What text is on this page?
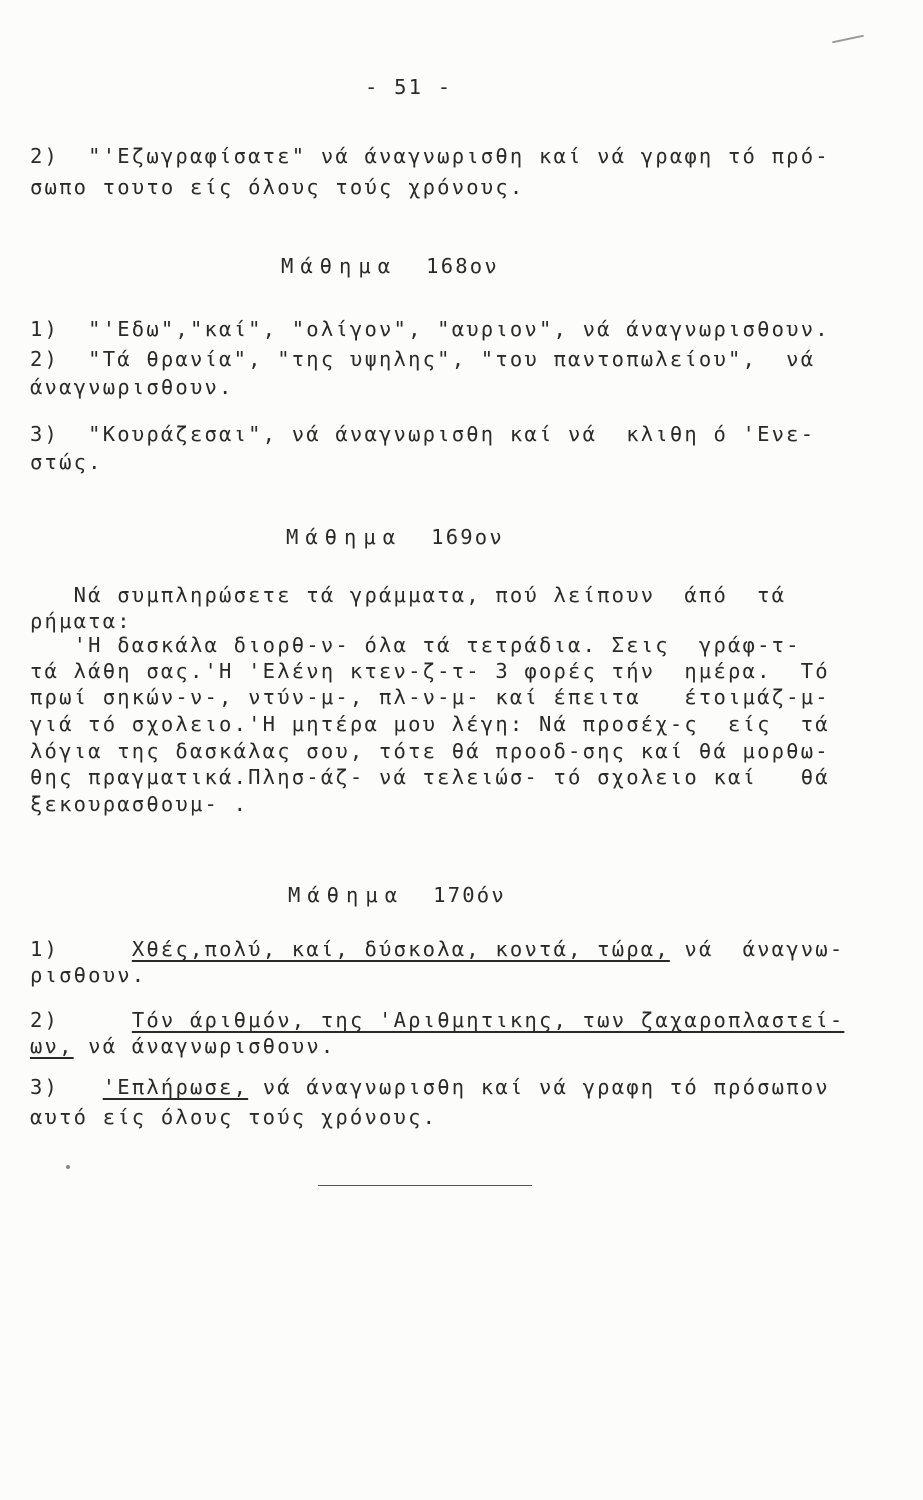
- 51 -
2)  "'Εζωγραφίσατε" νά άναγνωρισθη καί νά γραφη τό πρό-
σωπο τουτο είς όλους τούς χρόνους.
Μάθημα 168ον
1)  "'Εδω","καί", "ολίγον", "αυριον", νά άναγνωρισθουν.
2)  "Τά θρανία", "της υψηλης", "του παντοπωλείου",  νά
άναγνωρισθουν.
3)  "Κουράζεσαι", νά άναγνωρισθη καί νά  κλιθη ό 'Ενε-
στώς.
Μάθημα 169ον
Νά συμπληρώσετε τά γράμματα, πού λείπουν  άπό  τά
ρήματα:
'Η δασκάλα διορθ-ν- όλα τά τετράδια. Σεις  γράφ-τ-
τά λάθη σας.'Η 'Ελένη κτεν-ζ-τ- 3 φορές τήν  ημέρα.  Τό
πρωί σηκών-ν-, ντύν-μ-, πλ-ν-μ- καί έπειτα   έτοιμάζ-μ-
γιά τό σχολειο.'Η μητέρα μου λέγη: Νά προσέχ-ς  είς  τά
λόγια της δασκάλας σου, τότε θά προοδ-σης καί θά μορθω-
θης πραγματικά.Πλησ-άζ- νά τελειώσ- τό σχολειο καί   θά
ξεκουρασθουμ- .
Μάθημα 170όν
1)	Χθές,πολύ, καί, δύσκολα, κοντά, τώρα, νά  άναγνω-
ρισθουν.
2)	Τόν άριθμόν, της 'Αριθμητικης, των ζαχαροπλαστεί-
ων, νά άναγνωρισθουν.
3) 'Επλήρωσε, νά άναγνωρισθη καί νά γραφη τό πρόσωπον
αυτό είς όλους τούς χρόνους.
